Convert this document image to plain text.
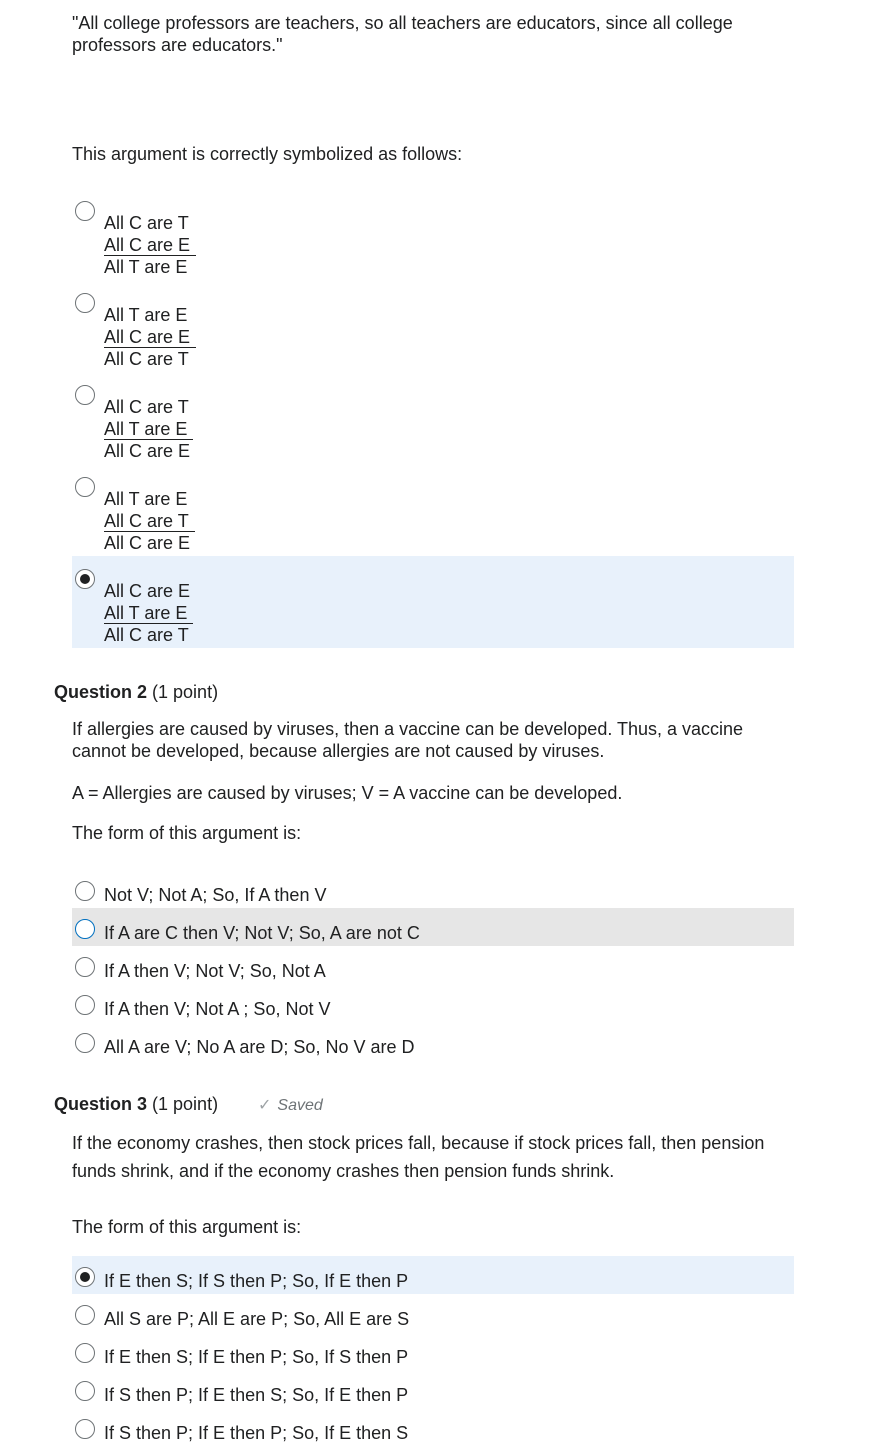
"All college professors are teachers, so all teachers are educators, since all college professors are educators."
This argument is correctly symbolized as follows:
All C are T
All C are E
All T are E
All T are E
All C are E
All C are T
All C are T
All T are E
All C are E
All T are E
All C are T
All C are E
All C are E
All T are E
All C are T
Question 2 (1 point)
If allergies are caused by viruses, then a vaccine can be developed. Thus, a vaccine cannot be developed, because allergies are not caused by viruses.
A = Allergies are caused by viruses; V = A vaccine can be developed.
The form of this argument is:
Not V; Not A; So, If A then V
If A are C then V; Not V; So, A are not C
If A then V; Not V; So, Not A
If A then V; Not A ; So, Not V
All A are V; No A are D; So, No V are D
Question 3 (1 point) ✓ Saved
If the economy crashes, then stock prices fall, because if stock prices fall, then pension funds shrink, and if the economy crashes then pension funds shrink.
The form of this argument is:
If E then S; If S then P; So, If E then P
All S are P; All E are P; So, All E are S
If E then S; If E then P; So, If S then P
If S then P; If E then S; So, If E then P
If S then P; If E then P; So, If E then S
